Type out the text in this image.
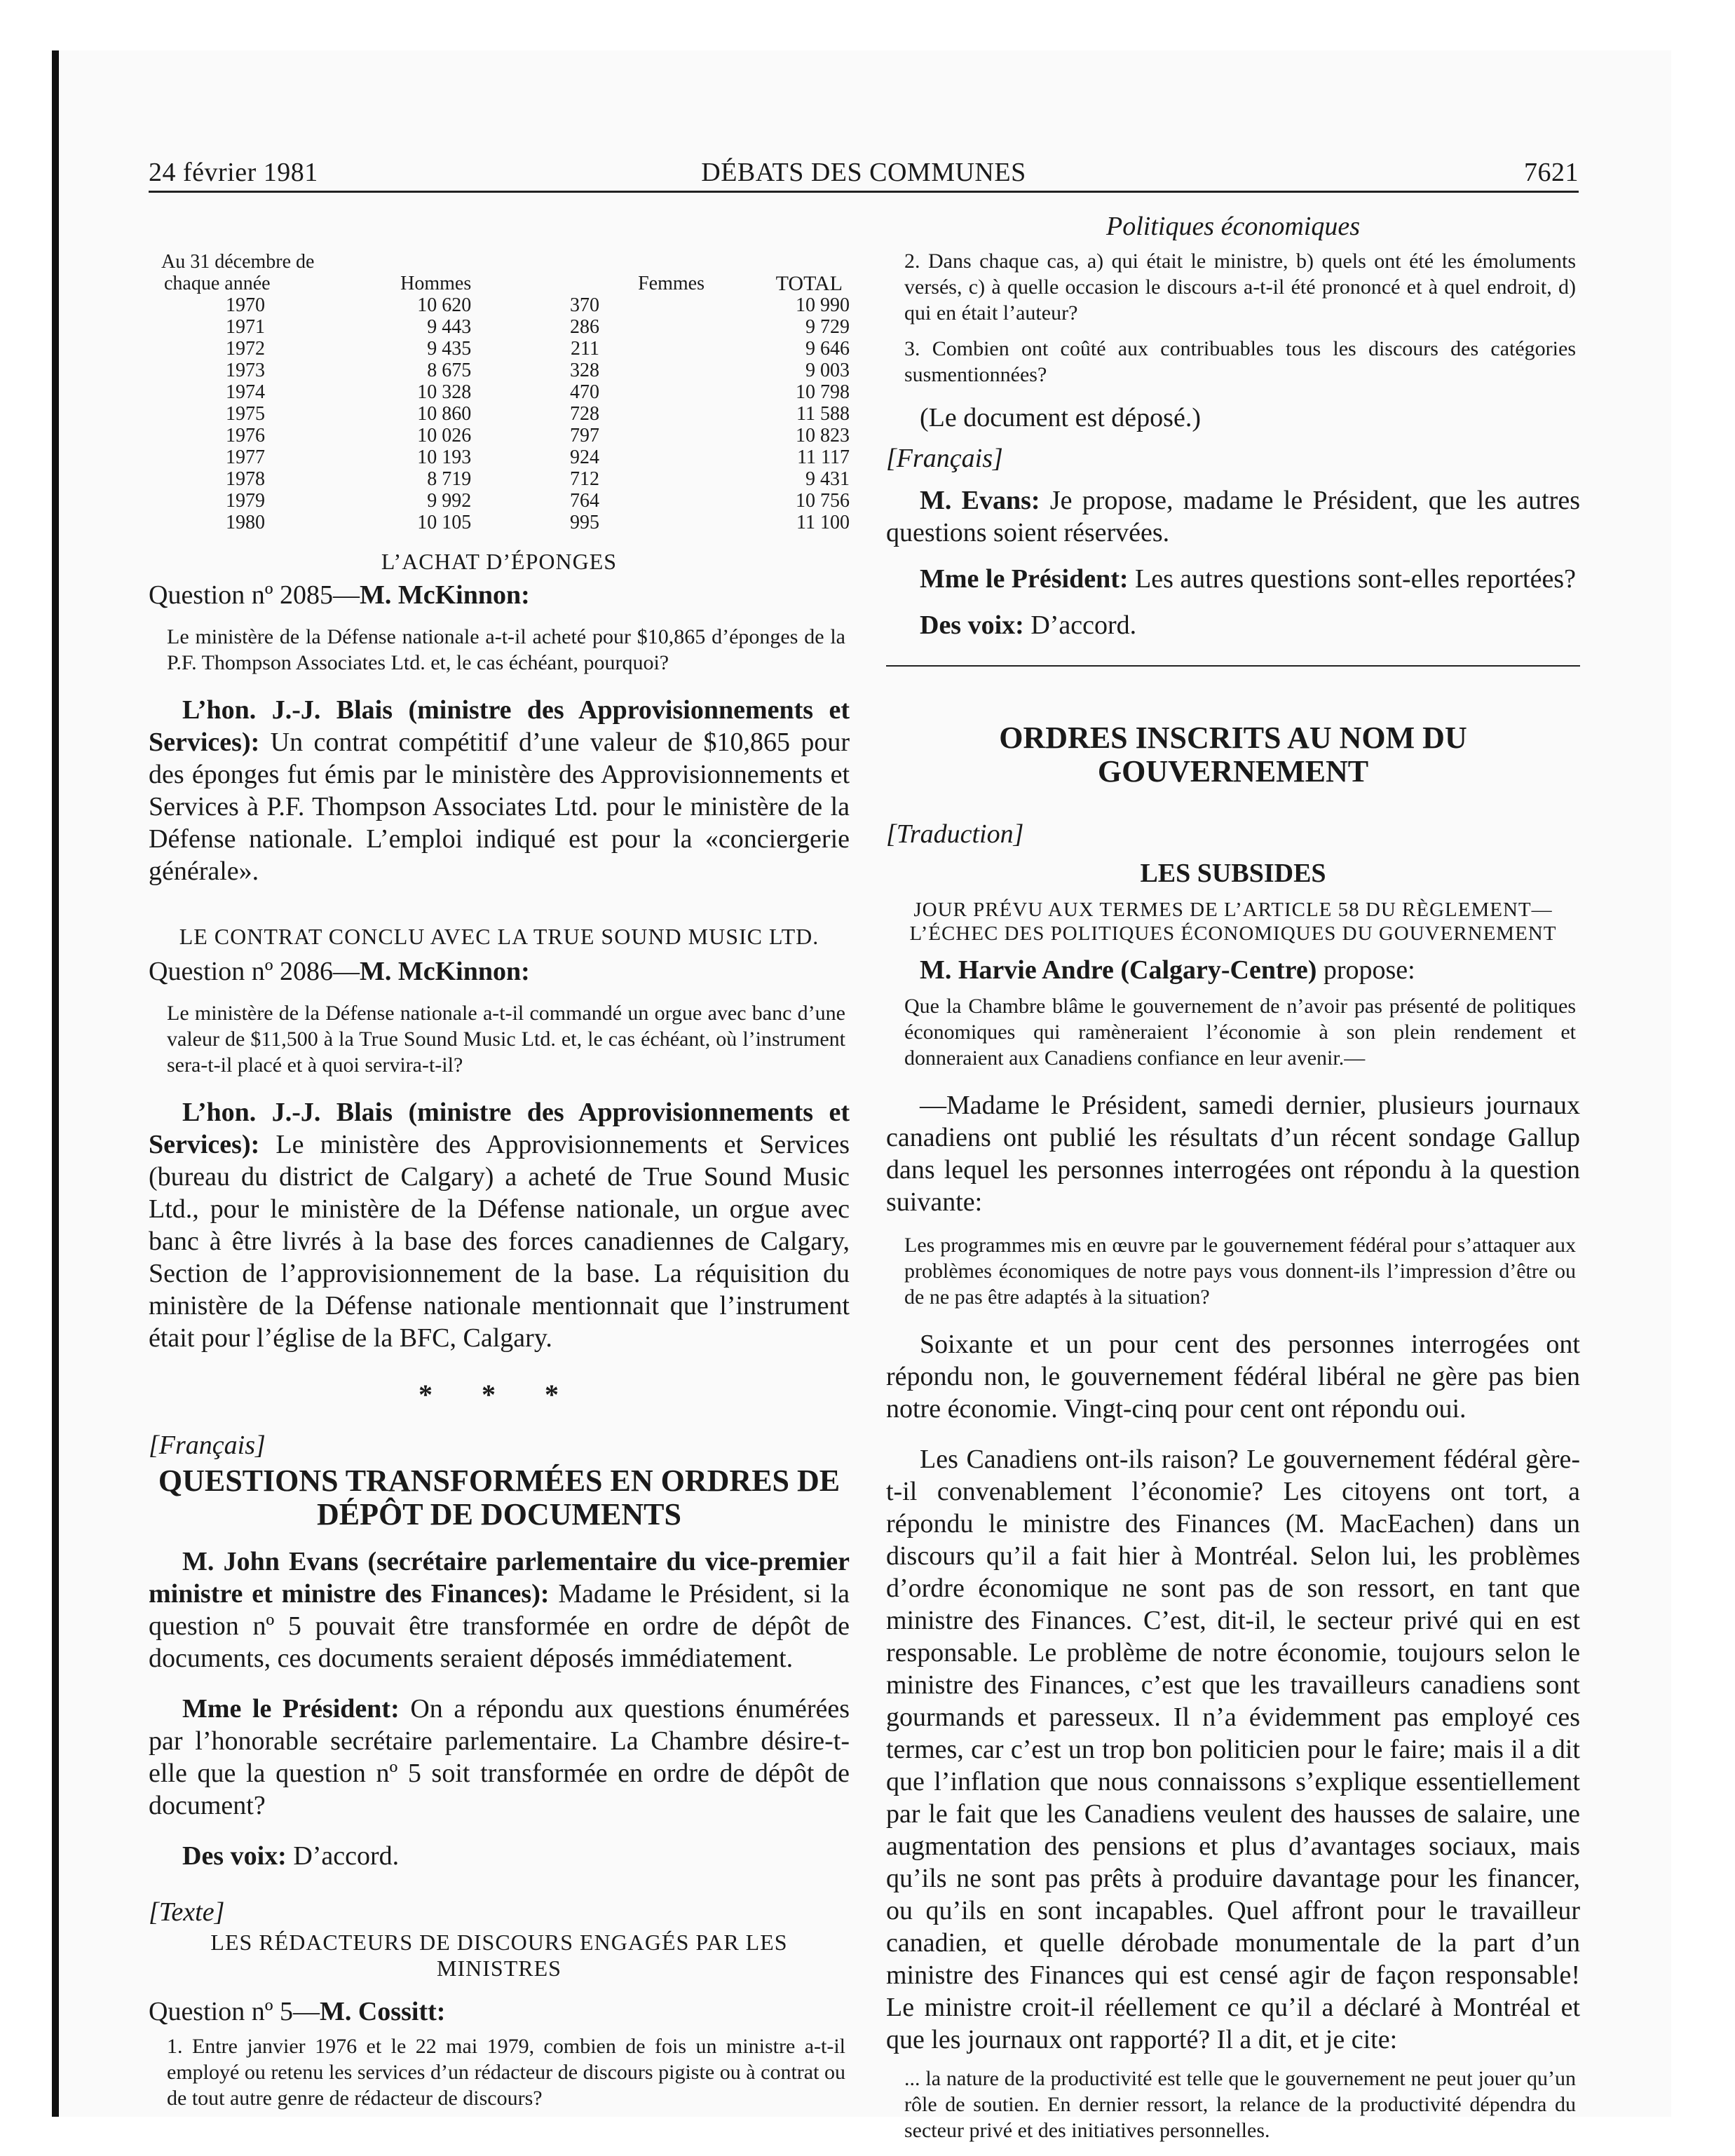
24 février 1981	DÉBATS DES COMMUNES	7621
Au 31 décembre de			
chaque année	Hommes	Femmes	TOTAL
1970	10 620	370	10 990
1971	9 443	286	9 729
1972	9 435	211	9 646
1973	8 675	328	9 003
1974	10 328	470	10 798
1975	10 860	728	11 588
1976	10 026	797	10 823
1977	10 193	924	11 117
1978	8 719	712	9 431
1979	9 992	764	10 756
1980	10 105	995	11 100

L’ACHAT D’ÉPONGES

Question nº 2085—M. McKinnon:

Le ministère de la Défense nationale a-t-il acheté pour $10,865 d’éponges de la P.F. Thompson Associates Ltd. et, le cas échéant, pourquoi?

L’hon. J.-J. Blais (ministre des Approvisionnements et Services): Un contrat compétitif d’une valeur de $10,865 pour des éponges fut émis par le ministère des Approvisionnements et Services à P.F. Thompson Associates Ltd. pour le ministère de la Défense nationale. L’emploi indiqué est pour la «conciergerie générale».

LE CONTRAT CONCLU AVEC LA TRUE SOUND MUSIC LTD.

Question nº 2086—M. McKinnon:

Le ministère de la Défense nationale a-t-il commandé un orgue avec banc d’une valeur de $11,500 à la True Sound Music Ltd. et, le cas échéant, où l’instrument sera-t-il placé et à quoi servira-t-il?

L’hon. J.-J. Blais (ministre des Approvisionnements et Services): Le ministère des Approvisionnements et Services (bureau du district de Calgary) a acheté de True Sound Music Ltd., pour le ministère de la Défense nationale, un orgue avec banc à être livrés à la base des forces canadiennes de Calgary, Section de l’approvisionnement de la base. La réquisition du ministère de la Défense nationale mentionnait que l’instrument était pour l’église de la BFC, Calgary.

* * *

[Français]

QUESTIONS TRANSFORMÉES EN ORDRES DE DÉPÔT DE DOCUMENTS

M. John Evans (secrétaire parlementaire du vice-premier ministre et ministre des Finances): Madame le Président, si la question nº 5 pouvait être transformée en ordre de dépôt de documents, ces documents seraient déposés immédiatement.

Mme le Président: On a répondu aux questions énumérées par l’honorable secrétaire parlementaire. La Chambre désire-t-elle que la question nº 5 soit transformée en ordre de dépôt de document?

Des voix: D’accord.

[Texte]

LES RÉDACTEURS DE DISCOURS ENGAGÉS PAR LES MINISTRES

Question nº 5—M. Cossitt:

1. Entre janvier 1976 et le 22 mai 1979, combien de fois un ministre a-t-il employé ou retenu les services d’un rédacteur de discours pigiste ou à contrat ou de tout autre genre de rédacteur de discours?

Politiques économiques

2. Dans chaque cas, a) qui était le ministre, b) quels ont été les émoluments versés, c) à quelle occasion le discours a-t-il été prononcé et à quel endroit, d) qui en était l’auteur?

3. Combien ont coûté aux contribuables tous les discours des catégories susmentionnées?

(Le document est déposé.)

[Français]

M. Evans: Je propose, madame le Président, que les autres questions soient réservées.

Mme le Président: Les autres questions sont-elles reportées?

Des voix: D’accord.

ORDRES INSCRITS AU NOM DU GOUVERNEMENT

[Traduction]

LES SUBSIDES

JOUR PRÉVU AUX TERMES DE L’ARTICLE 58 DU RÈGLEMENT—

L’ÉCHEC DES POLITIQUES ÉCONOMIQUES DU GOUVERNEMENT

M. Harvie Andre (Calgary-Centre) propose:

Que la Chambre blâme le gouvernement de n’avoir pas présenté de politiques économiques qui ramèneraient l’économie à son plein rendement et donneraient aux Canadiens confiance en leur avenir.—

—Madame le Président, samedi dernier, plusieurs journaux canadiens ont publié les résultats d’un récent sondage Gallup dans lequel les personnes interrogées ont répondu à la question suivante:

Les programmes mis en œuvre par le gouvernement fédéral pour s’attaquer aux problèmes économiques de notre pays vous donnent-ils l’impression d’être ou de ne pas être adaptés à la situation?

Soixante et un pour cent des personnes interrogées ont répondu non, le gouvernement fédéral libéral ne gère pas bien notre économie. Vingt-cinq pour cent ont répondu oui.

Les Canadiens ont-ils raison? Le gouvernement fédéral gère-t-il convenablement l’économie? Les citoyens ont tort, a répondu le ministre des Finances (M. MacEachen) dans un discours qu’il a fait hier à Montréal. Selon lui, les problèmes d’ordre économique ne sont pas de son ressort, en tant que ministre des Finances. C’est, dit-il, le secteur privé qui en est responsable. Le problème de notre économie, toujours selon le ministre des Finances, c’est que les travailleurs canadiens sont gourmands et paresseux. Il n’a évidemment pas employé ces termes, car c’est un trop bon politicien pour le faire; mais il a dit que l’inflation que nous connaissons s’explique essentiellement par le fait que les Canadiens veulent des hausses de salaire, une augmentation des pensions et plus d’avantages sociaux, mais qu’ils ne sont pas prêts à produire davantage pour les financer, ou qu’ils en sont incapables. Quel affront pour le travailleur canadien, et quelle dérobade monumentale de la part d’un ministre des Finances qui est censé agir de façon responsable! Le ministre croit-il réellement ce qu’il a déclaré à Montréal et que les journaux ont rapporté? Il a dit, et je cite:

... la nature de la productivité est telle que le gouvernement ne peut jouer qu’un rôle de soutien. En dernier ressort, la relance de la productivité dépendra du secteur privé et des initiatives personnelles.
